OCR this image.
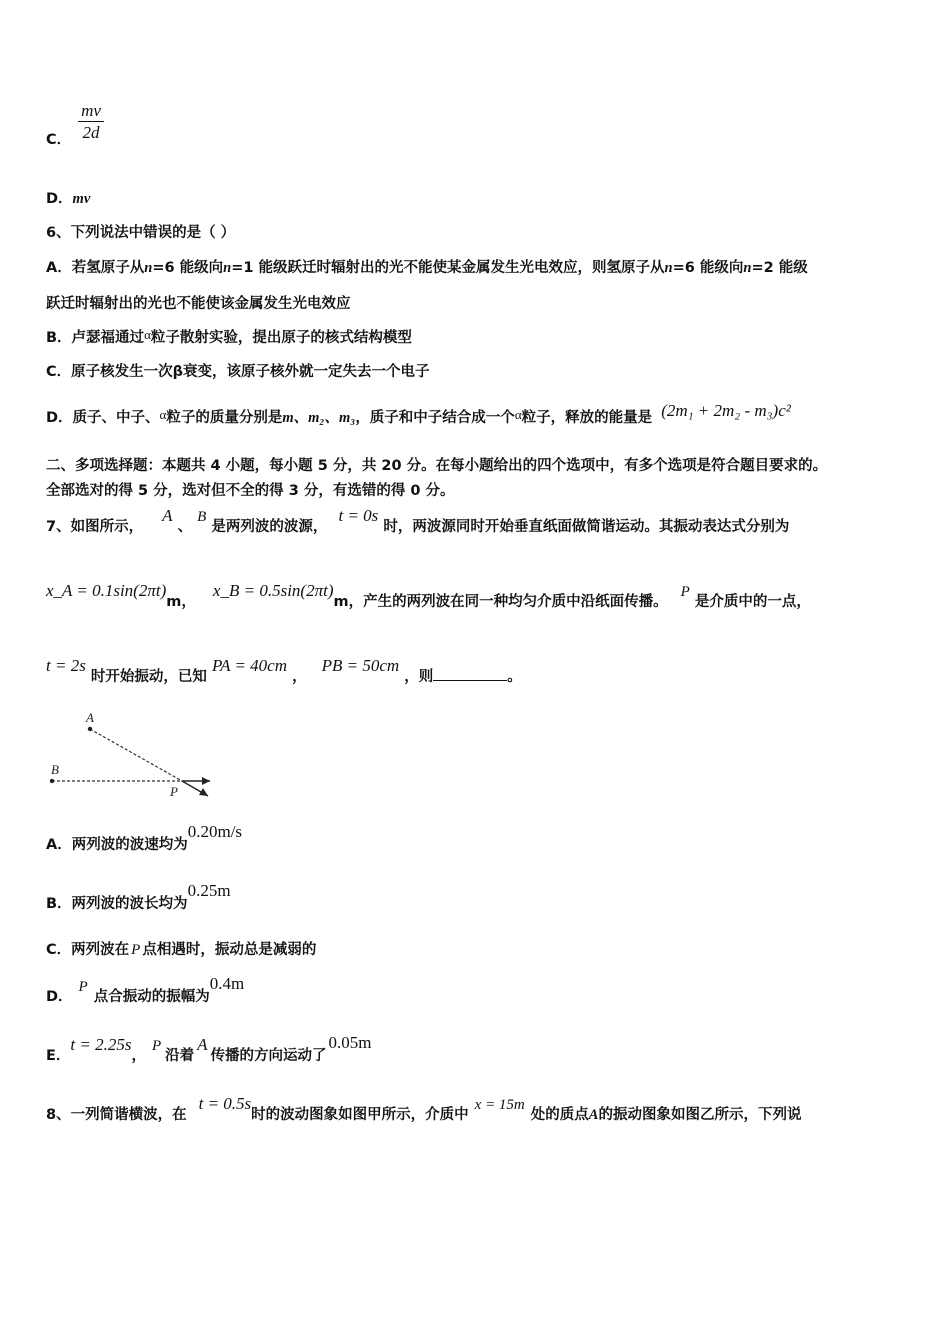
C．
mv
2d
D．mv
6、下列说法中错误的是（ ）
A．若氢原子从n=6 能级向n=1 能级跃迁时辐射出的光不能使某金属发生光电效应，则氢原子从n=6 能级向n=2 能级
跃迁时辐射出的光也不能使该金属发生光电效应
B．卢瑟福通过α粒子散射实验，提出原子的核式结构模型
C．原子核发生一次β衰变，该原子核外就一定失去一个电子
D．质子、中子、α粒子的质量分别是m、m₂、m₃，质子和中子结合成一个α粒子，释放的能量是 (2m₁ + 2m₂ - m₃)c²
二、多项选择题：本题共 4 小题，每小题 5 分，共 20 分。在每小题给出的四个选项中，有多个选项是符合题目要求的。
全部选对的得 5 分，选对但不全的得 3 分，有选错的得 0 分。
7、如图所示， A 、 B 是两列波的波源， t = 0s 时，两波源同时开始垂直纸面做简谐运动。其振动表达式分别为
x_A = 0.1sin(2πt)m， x_B = 0.5sin(2πt)m，产生的两列波在同一种均匀介质中沿纸面传播。 P 是介质中的一点，
t = 2s 时开始振动，已知 PA = 40cm ， PB = 50cm ，则	。
A
B
P
A．两列波的波速均为0.20m/s
B．两列波的波长均为0.25m
C．两列波在 P 点相遇时，振动总是减弱的
D．P点合振动的振幅为0.4m
E．t = 2.25s，P沿着A传播的方向运动了0.05m
8、一列简谐横波，在t = 0.5s时的波动图象如图甲所示，介质中x = 15m处的质点A的振动图象如图乙所示，下列说
